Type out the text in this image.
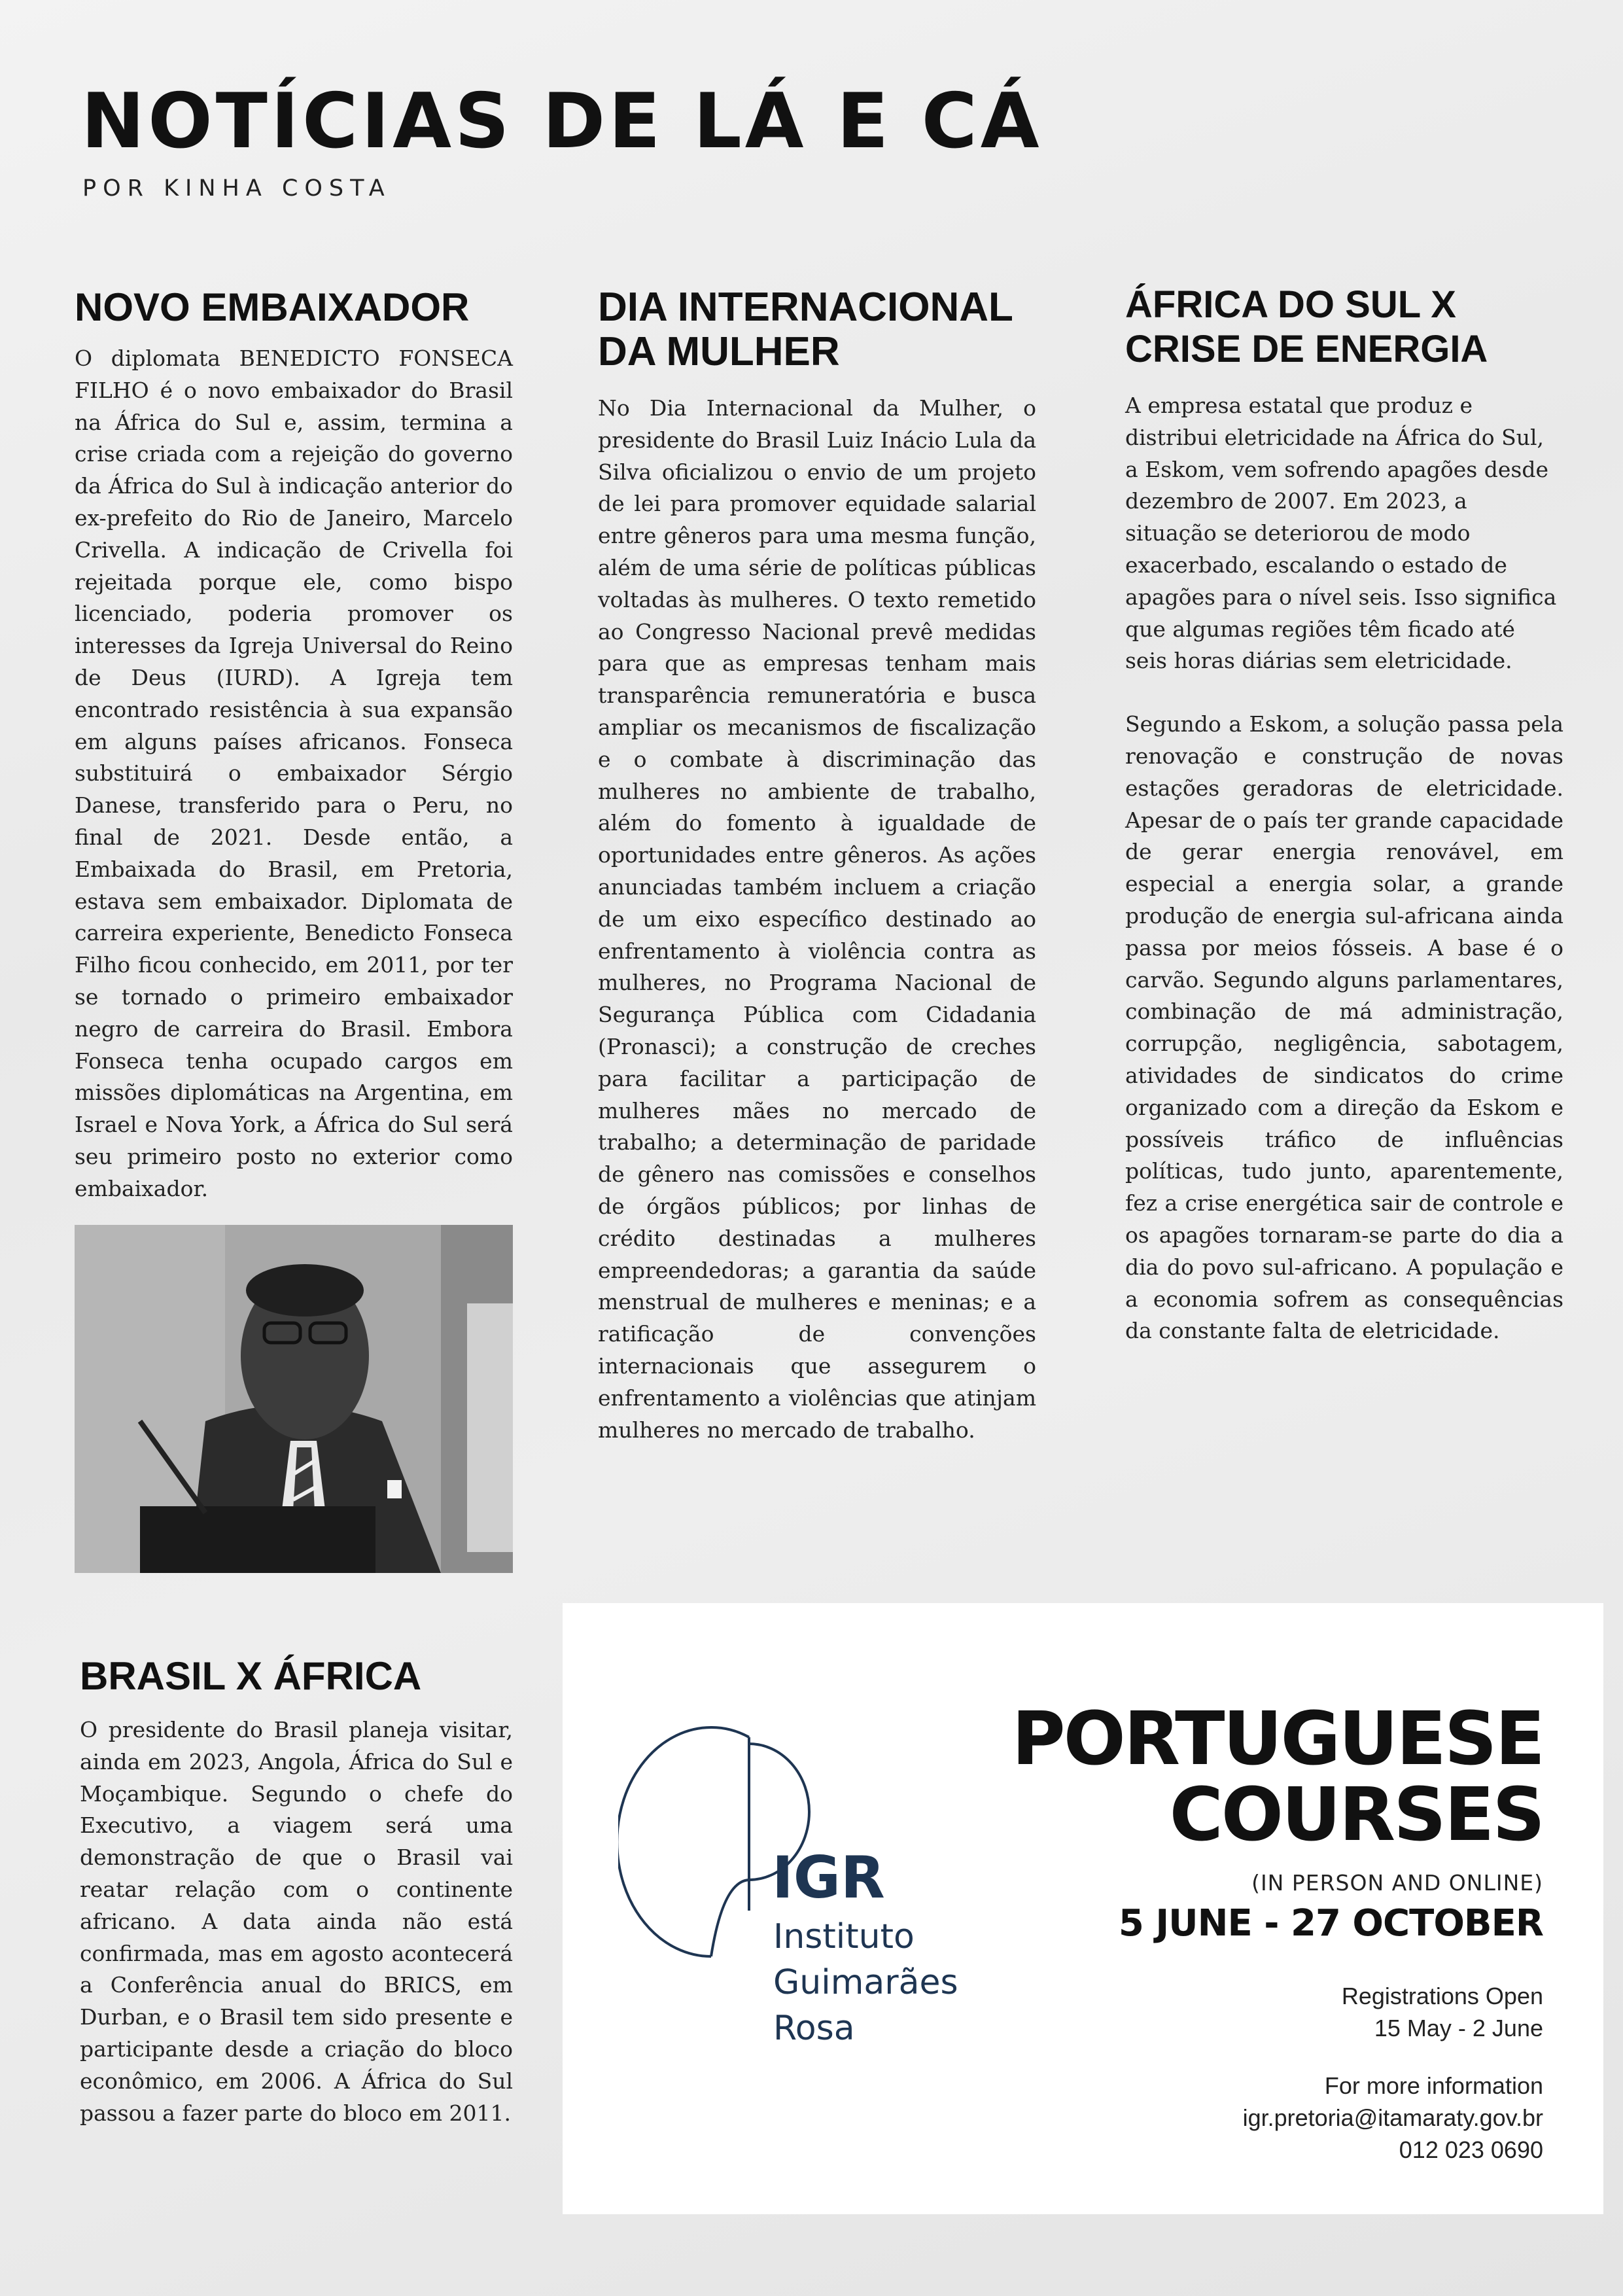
NOTÍCIAS DE LÁ E CÁ
POR KINHA COSTA
NOVO EMBAIXADOR

O diplomata BENEDICTO FONSECA FILHO é o novo embaixador do Brasil na África do Sul e, assim, termina a crise criada com a rejeição do governo da África do Sul à indicação anterior do ex-prefeito do Rio de Janeiro, Marcelo Crivella. A indicação de Crivella foi rejeitada porque ele, como bispo licenciado, poderia promover os interesses da Igreja Universal do Reino de Deus (IURD). A Igreja tem encontrado resistência à sua expansão em alguns países africanos. Fonseca substituirá o embaixador Sérgio Danese, transferido para o Peru, no final de 2021. Desde então, a Embaixada do Brasil, em Pretoria, estava sem embaixador. Diplomata de carreira experiente, Benedicto Fonseca Filho ficou conhecido, em 2011, por ter se tornado o primeiro embaixador negro de carreira do Brasil. Embora Fonseca tenha ocupado cargos em missões diplomáticas na Argentina, em Israel e Nova York, a África do Sul será seu primeiro posto no exterior como embaixador.

DIA INTERNACIONAL
DA MULHER

No Dia Internacional da Mulher, o presidente do Brasil Luiz Inácio Lula da Silva oficializou o envio de um projeto de lei para promover equidade salarial entre gêneros para uma mesma função, além de uma série de políticas públicas voltadas às mulheres. O texto remetido ao Congresso Nacional prevê medidas para que as empresas tenham mais transparência remuneratória e busca ampliar os mecanismos de fiscalização e o combate à discriminação das mulheres no ambiente de trabalho, além do fomento à igualdade de oportunidades entre gêneros. As ações anunciadas também incluem a criação de um eixo específico destinado ao enfrentamento à violência contra as mulheres, no Programa Nacional de Segurança Pública com Cidadania (Pronasci); a construção de creches para facilitar a participação de mulheres mães no mercado de trabalho; a determinação de paridade de gênero nas comissões e conselhos de órgãos públicos; por linhas de crédito destinadas a mulheres empreendedoras; a garantia da saúde menstrual de mulheres e meninas; e a ratificação de convenções internacionais que assegurem o enfrentamento a violências que atinjam mulheres no mercado de trabalho.

ÁFRICA DO SUL X
CRISE DE ENERGIA

A empresa estatal que produz e distribui eletricidade na África do Sul, a Eskom, vem sofrendo apagões desde dezembro de 2007. Em 2023, a situação se deteriorou de modo exacerbado, escalando o estado de apagões para o nível seis. Isso significa que algumas regiões têm ficado até seis horas diárias sem eletricidade.

Segundo a Eskom, a solução passa pela renovação e construção de novas estações geradoras de eletricidade. Apesar de o país ter grande capacidade de gerar energia renovável, em especial a energia solar, a grande produção de energia sul-africana ainda passa por meios fósseis. A base é o carvão. Segundo alguns parlamentares, combinação de má administração, corrupção, negligência, sabotagem, atividades de sindicatos do crime organizado com a direção da Eskom e possíveis tráfico de influências políticas, tudo junto, aparentemente, fez a crise energética sair de controle e os apagões tornaram-se parte do dia a dia do povo sul-africano. A população e a economia sofrem as consequências da constante falta de eletricidade.

BRASIL X ÁFRICA

O presidente do Brasil planeja visitar, ainda em 2023, Angola, África do Sul e Moçambique. Segundo o chefe do Executivo, a viagem será uma demonstração de que o Brasil vai reatar relação com o continente africano. A data ainda não está confirmada, mas em agosto acontecerá a Conferência anual do BRICS, em Durban, e o Brasil tem sido presente e participante desde a criação do bloco econômico, em 2006. A África do Sul passou a fazer parte do bloco em 2011.

IGR
Instituto
Guimarães
Rosa
PORTUGUESE
COURSES
(IN PERSON AND ONLINE)
5 JUNE - 27 OCTOBER
Registrations Open
15 May - 2 June
For more information
igr.pretoria@itamaraty.gov.br
012 023 0690
